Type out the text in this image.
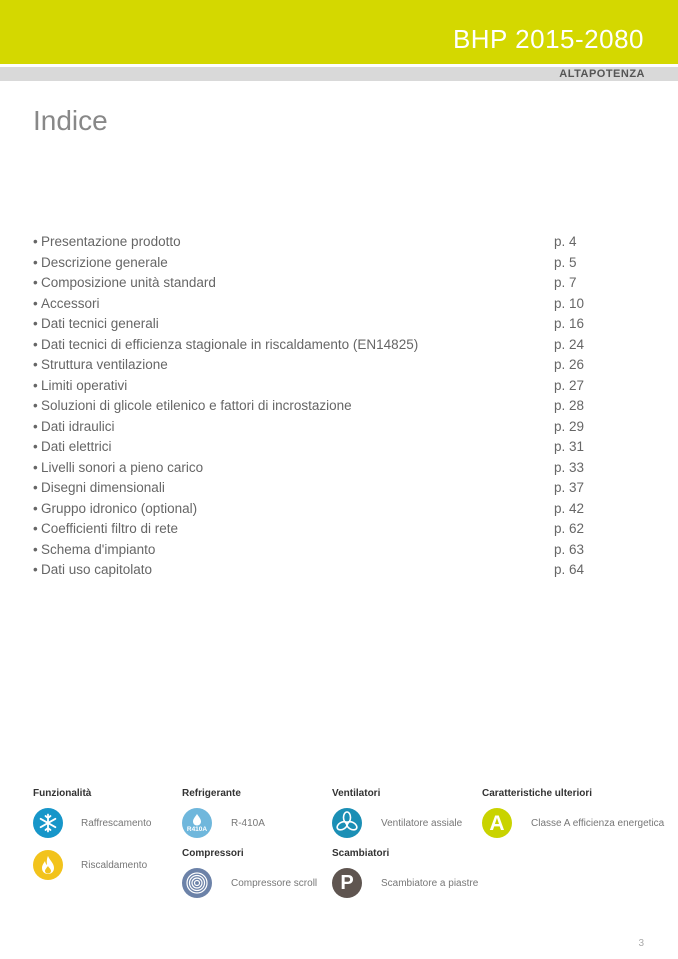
BHP 2015-2080
ALTAPOTENZA
Indice
• Presentazione prodotto	p. 4
• Descrizione generale	p. 5
• Composizione unità standard	p. 7
• Accessori	p. 10
• Dati tecnici generali	p. 16
• Dati tecnici di efficienza stagionale in riscaldamento (EN14825)	p. 24
• Struttura ventilazione	p. 26
• Limiti operativi	p. 27
• Soluzioni di glicole etilenico e fattori di incrostazione	p. 28
• Dati idraulici	p. 29
• Dati elettrici	p. 31
• Livelli sonori a pieno carico	p. 33
• Disegni dimensionali	p. 37
• Gruppo idronico (optional)	p. 42
• Coefficienti filtro di rete	p. 62
• Schema d'impianto	p. 63
• Dati uso capitolato	p. 64
Funzionalità
Raffrescamento
Riscaldamento
Refrigerante
R410A
R-410A
Compressori
Compressore scroll
Ventilatori
Ventilatore assiale
Scambiatori
P	Scambiatore a piastre
Caratteristiche ulteriori
A	Classe A efficienza energetica
3
